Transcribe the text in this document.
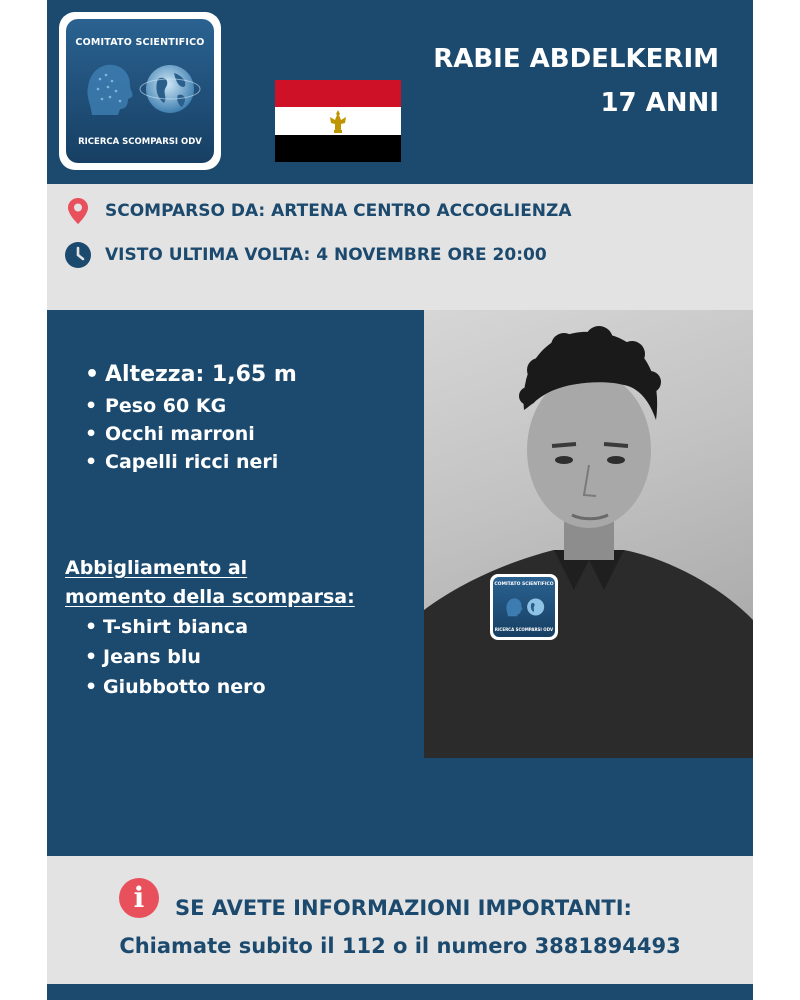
COMITATO SCIENTIFICO
RICERCA SCOMPARSI ODV
RABIE ABDELKERIM
17 ANNI
SCOMPARSO DA: ARTENA CENTRO ACCOGLIENZA
VISTO ULTIMA VOLTA: 4 NOVEMBRE ORE 20:00
• Altezza: 1,65 m
• Peso 60 KG
• Occhi marroni
• Capelli ricci neri
Abbigliamento al
momento della scomparsa:
• T-shirt bianca
• Jeans blu
• Giubbotto nero
COMITATO SCIENTIFICO
RICERCA SCOMPARSI ODV
i	SE AVETE INFORMAZIONI IMPORTANTI:
Chiamate subito il 112 o il numero 3881894493
